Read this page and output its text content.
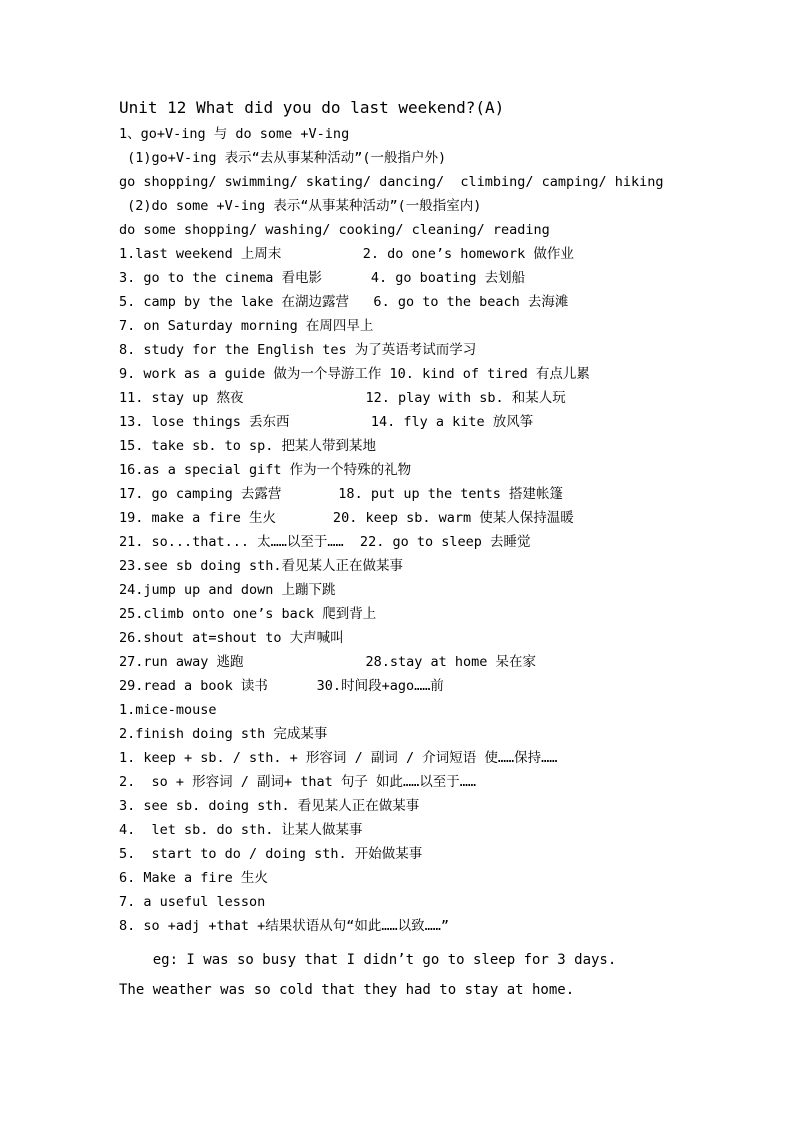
Unit 12 What did you do last weekend?(A)
1、go+V-ing 与 do some +V-ing
(1)go+V-ing 表示“去从事某种活动”(一般指户外)
go shopping/ swimming/ skating/ dancing/  climbing/ camping/ hiking
(2)do some +V-ing 表示“从事某种活动”(一般指室内)
do some shopping/ washing/ cooking/ cleaning/ reading
1.last weekend 上周末          2. do one’s homework 做作业
3. go to the cinema 看电影      4. go boating 去划船
5. camp by the lake 在湖边露营   6. go to the beach 去海滩
7. on Saturday morning 在周四早上
8. study for the English tes 为了英语考试而学习
9. work as a guide 做为一个导游工作 10. kind of tired 有点儿累
11. stay up 熬夜               12. play with sb. 和某人玩
13. lose things 丢东西          14. fly a kite 放风筝
15. take sb. to sp. 把某人带到某地
16.as a special gift 作为一个特殊的礼物
17. go camping 去露营       18. put up the tents 搭建帐篷
19. make a fire 生火       20. keep sb. warm 使某人保持温暖
21. so...that... 太……以至于……  22. go to sleep 去睡觉
23.see sb doing sth.看见某人正在做某事
24.jump up and down 上蹦下跳
25.climb onto one’s back 爬到背上
26.shout at=shout to 大声喊叫
27.run away 逃跑               28.stay at home 呆在家
29.read a book 读书      30.时间段+ago……前
1.mice-mouse
2.finish doing sth 完成某事
1. keep + sb. / sth. + 形容词 / 副词 / 介词短语 使……保持……
2.  so + 形容词 / 副词+ that 句子 如此……以至于……
3. see sb. doing sth. 看见某人正在做某事
4.  let sb. do sth. 让某人做某事
5.  start to do / doing sth. 开始做某事
6. Make a fire 生火
7. a useful lesson
8. so +adj +that +结果状语从句“如此……以致……”
eg: I was so busy that I didn’t go to sleep for 3 days.
The weather was so cold that they had to stay at home.
